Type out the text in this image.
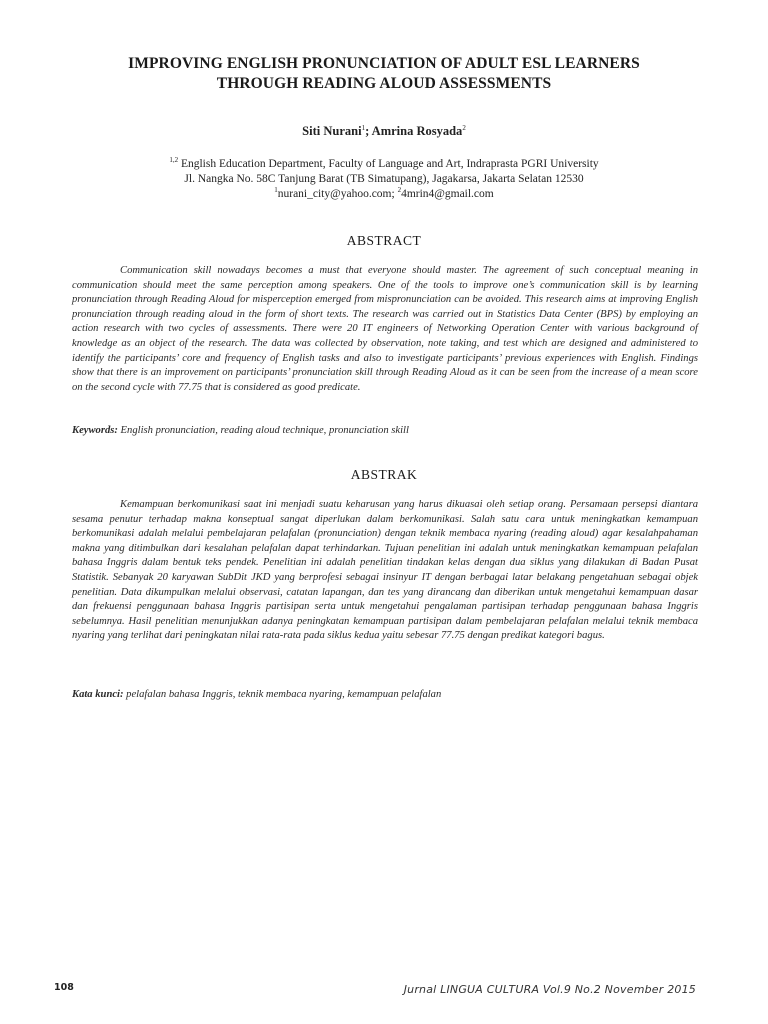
IMPROVING ENGLISH PRONUNCIATION OF ADULT ESL LEARNERS
THROUGH READING ALOUD ASSESSMENTS
Siti Nurani$^1$; Amrina Rosyada$^2$
$^{1,2}$ English Education Department, Faculty of Language and Art, Indraprasta PGRI University
Jl. Nangka No. 58C Tanjung Barat (TB Simatupang), Jagakarsa, Jakarta Selatan 12530
$^1$nurani_city@yahoo.com; $^2$4mrin4@gmail.com
ABSTRACT
Communication skill nowadays becomes a must that everyone should master. The agreement of such conceptual meaning in communication should meet the same perception among speakers. One of the tools to improve one’s communication skill is by learning pronunciation through Reading Aloud for misperception emerged from mispronunciation can be avoided. This research aims at improving English pronunciation through reading aloud in the form of short texts. The research was carried out in Statistics Data Center (BPS) by employing an action research with two cycles of assessments. There were 20 IT engineers of Networking Operation Center with various background of knowledge as an object of the research. The data was collected by observation, note taking, and test which are designed and administered to identify the participants’ core and frequency of English tasks and also to investigate participants’ previous experiences with English. Findings show that there is an improvement on participants’ pronunciation skill through Reading Aloud as it can be seen from the increase of a mean score on the second cycle with 77.75 that is considered as good predicate.
Keywords: English pronunciation, reading aloud technique, pronunciation skill
ABSTRAK
Kemampuan berkomunikasi saat ini menjadi suatu keharusan yang harus dikuasai oleh setiap orang. Persamaan persepsi diantara sesama penutur terhadap makna konseptual sangat diperlukan dalam berkomunikasi. Salah satu cara untuk meningkatkan kemampuan berkomunikasi adalah melalui pembelajaran pelafalan (pronunciation) dengan teknik membaca nyaring (reading aloud) agar kesalahpahaman makna yang ditimbulkan dari kesalahan pelafalan dapat terhindarkan. Tujuan penelitian ini adalah untuk meningkatkan kemampuan pelafalan bahasa Inggris dalam bentuk teks pendek. Penelitian ini adalah penelitian tindakan kelas dengan dua siklus yang dilakukan di Badan Pusat Statistik. Sebanyak 20 karyawan SubDit JKD yang berprofesi sebagai insinyur IT dengan berbagai latar belakang pengetahuan sebagai objek penelitian. Data dikumpulkan melalui observasi, catatan lapangan, dan tes yang dirancang dan diberikan untuk mengetahui kemampuan dasar dan frekuensi penggunaan bahasa Inggris partisipan serta untuk mengetahui pengalaman partisipan terhadap penggunaan bahasa Inggris sebelumnya. Hasil penelitian menunjukkan adanya peningkatan kemampuan partisipan dalam pembelajaran pelafalan melalui teknik membaca nyaring yang terlihat dari peningkatan nilai rata-rata pada siklus kedua yaitu sebesar 77.75 dengan predikat kategori bagus.
Kata kunci: pelafalan bahasa Inggris, teknik membaca nyaring, kemampuan pelafalan
108	Jurnal LINGUA CULTURA Vol.9 No.2 November 2015
